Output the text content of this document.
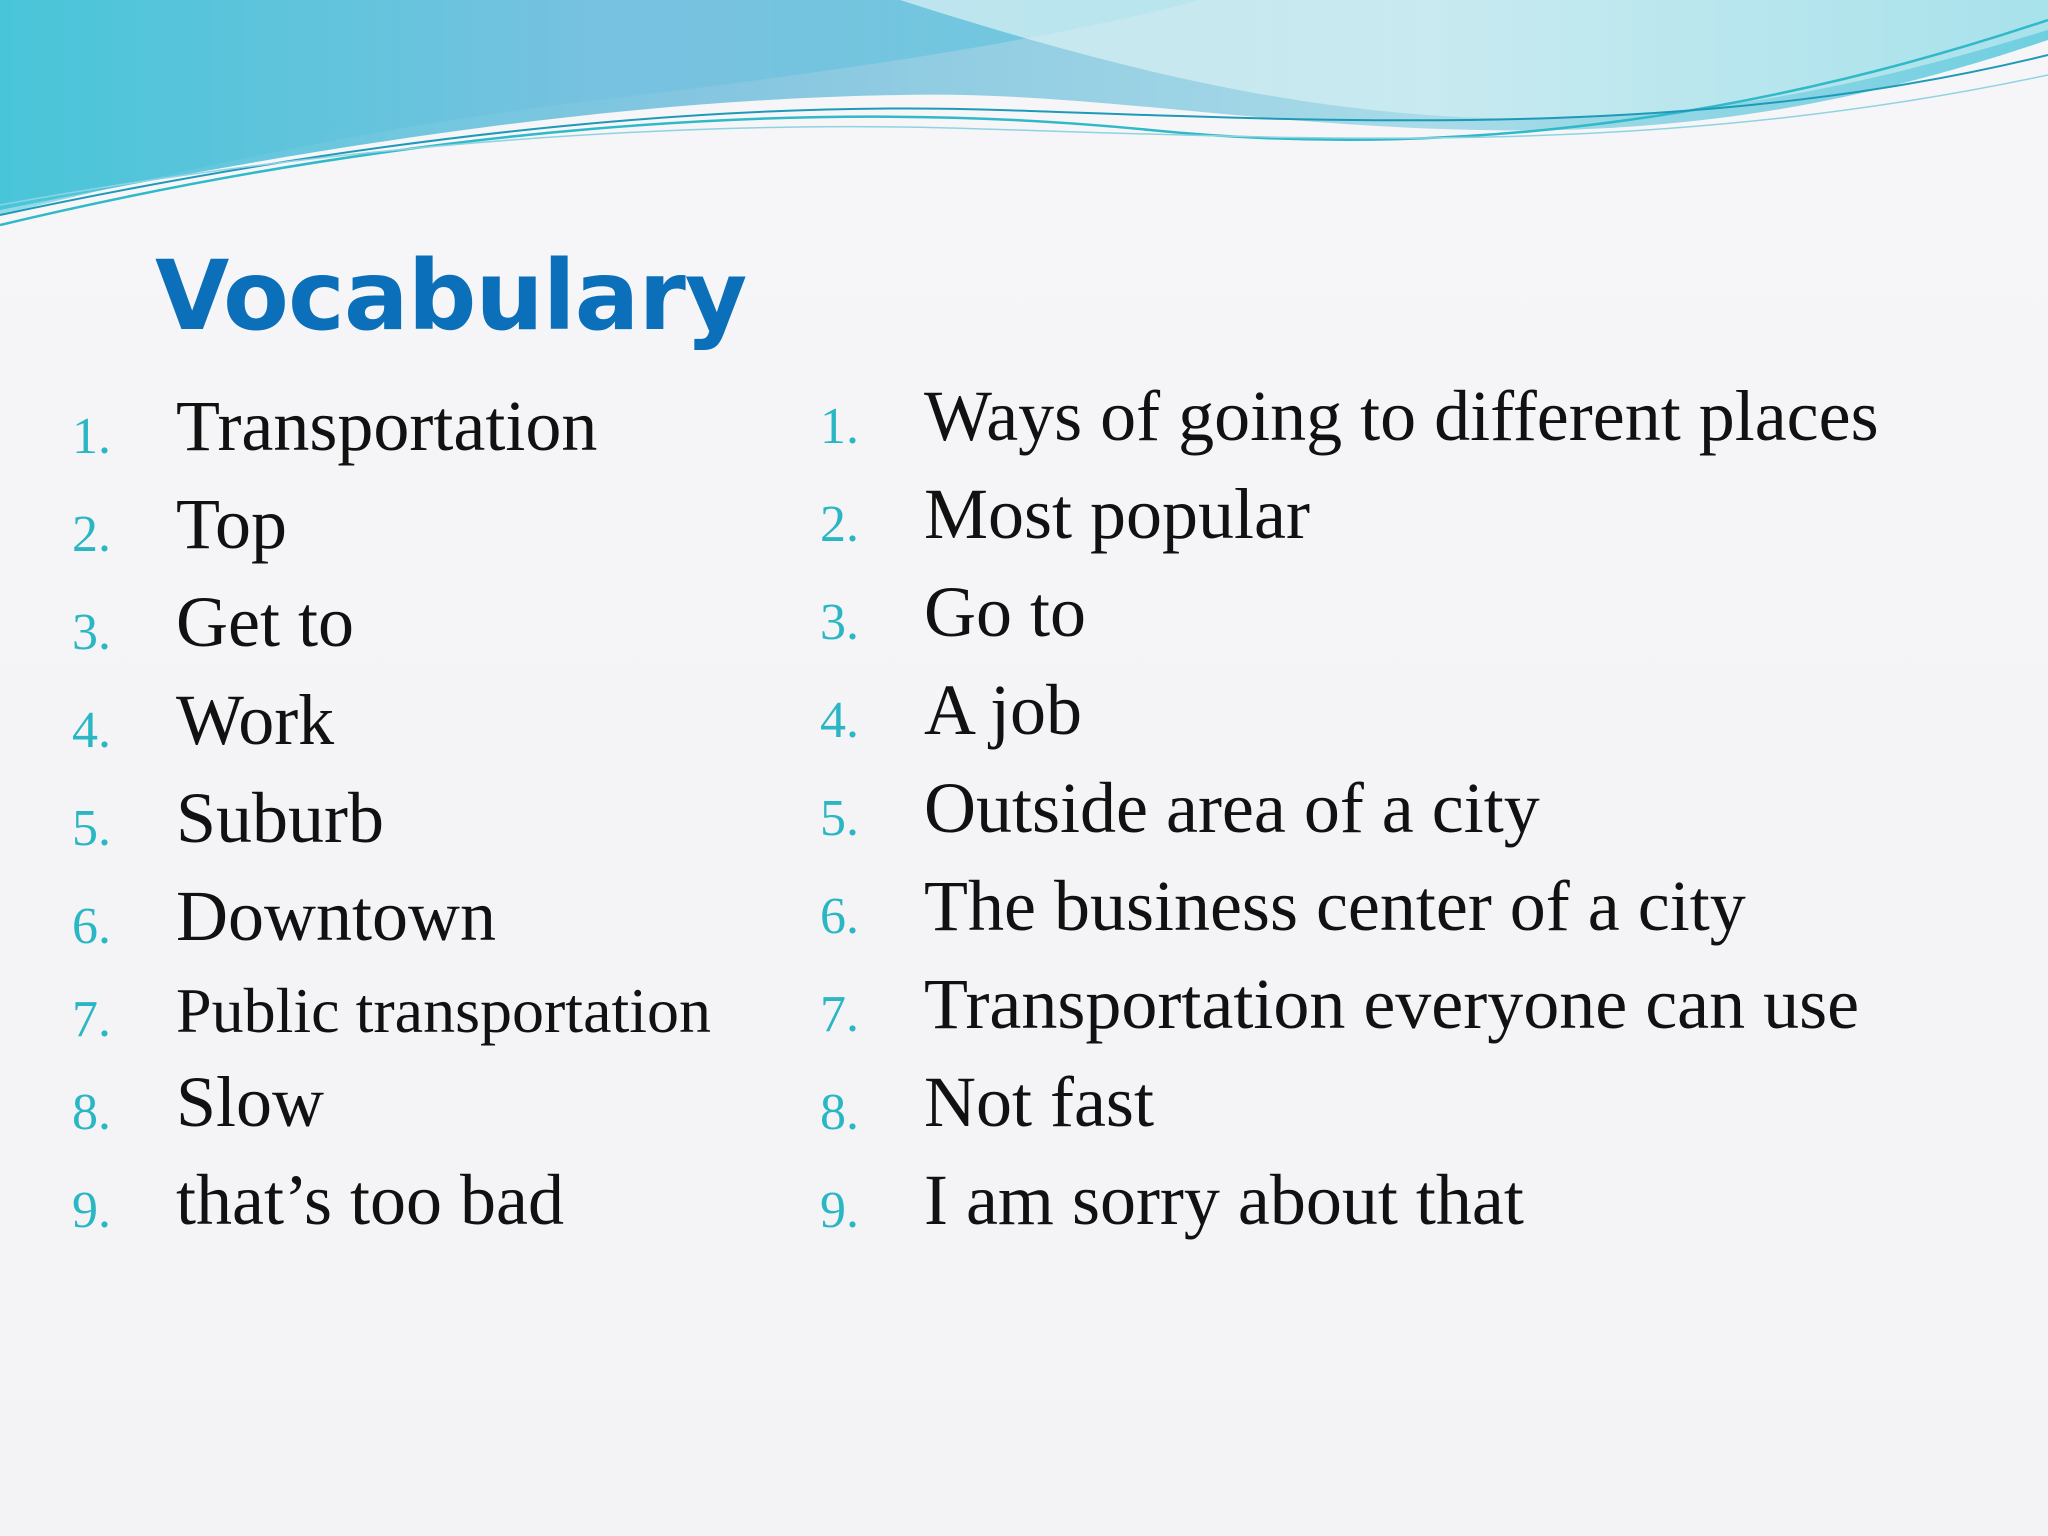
Vocabulary
1. Transportation
2. Top
3. Get to
4. Work
5. Suburb
6. Downtown
7. Public transportation
8. Slow
9. that’s too bad
1. Ways of going to different places
2. Most popular
3. Go to
4. A job
5. Outside area of a city
6. The business center of a city
7. Transportation everyone can use
8. Not fast
9. I am sorry about that
